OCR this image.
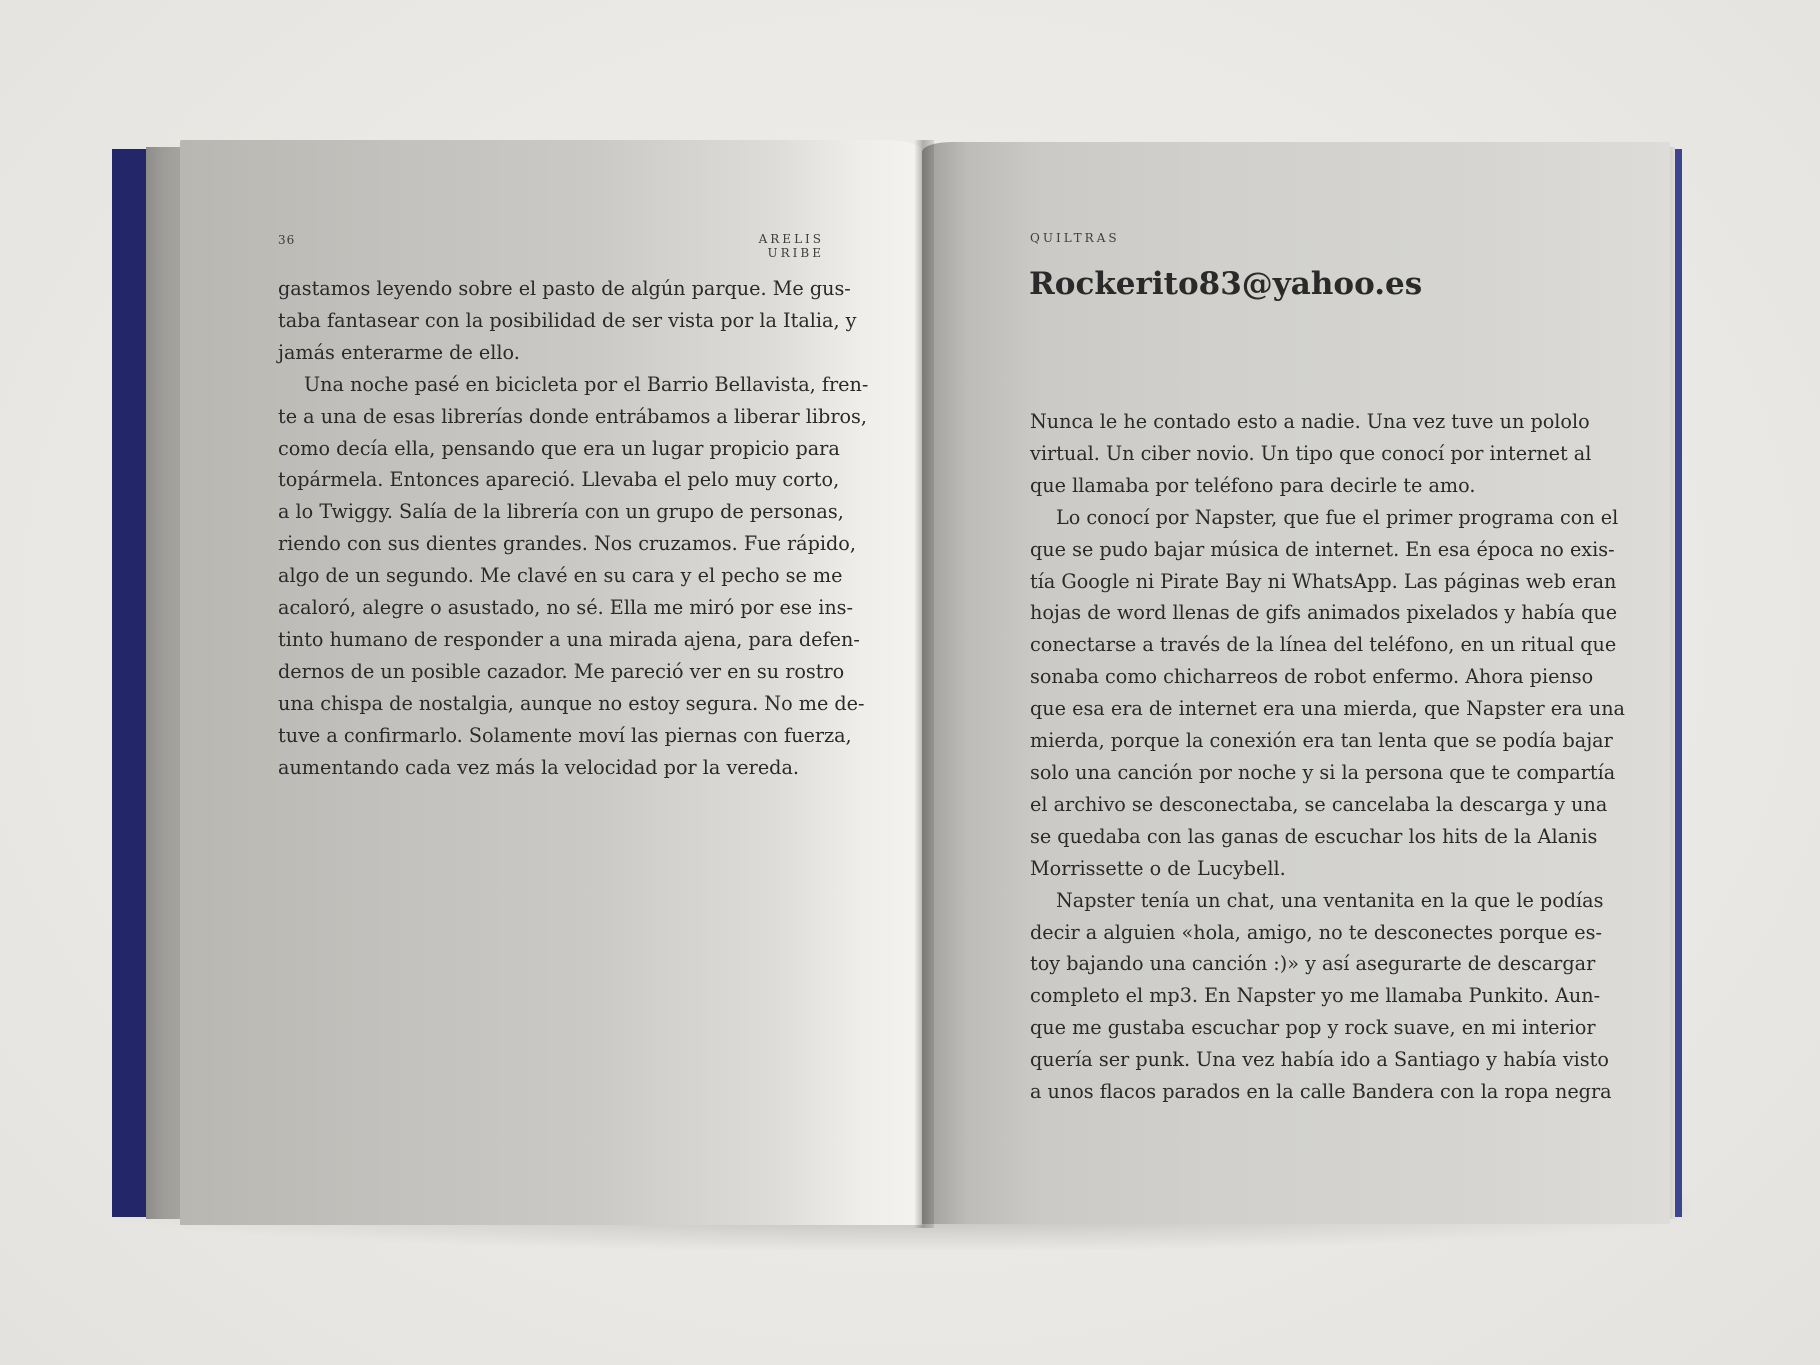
36	ARELIS URIBE
QUILTRAS
gastamos leyendo sobre el pasto de algún parque. Me gus-
taba fantasear con la posibilidad de ser vista por la Italia, y
jamás enterarme de ello.
Una noche pasé en bicicleta por el Barrio Bellavista, fren-
te a una de esas librerías donde entrábamos a liberar libros,
como decía ella, pensando que era un lugar propicio para
topármela. Entonces apareció. Llevaba el pelo muy corto,
a lo Twiggy. Salía de la librería con un grupo de personas,
riendo con sus dientes grandes. Nos cruzamos. Fue rápido,
algo de un segundo. Me clavé en su cara y el pecho se me
acaloró, alegre o asustado, no sé. Ella me miró por ese ins-
tinto humano de responder a una mirada ajena, para defen-
dernos de un posible cazador. Me pareció ver en su rostro
una chispa de nostalgia, aunque no estoy segura. No me de-
tuve a confirmarlo. Solamente moví las piernas con fuerza,
aumentando cada vez más la velocidad por la vereda.
Rockerito83@yahoo.es
Nunca le he contado esto a nadie. Una vez tuve un pololo
virtual. Un ciber novio. Un tipo que conocí por internet al
que llamaba por teléfono para decirle te amo.
Lo conocí por Napster, que fue el primer programa con el
que se pudo bajar música de internet. En esa época no exis-
tía Google ni Pirate Bay ni WhatsApp. Las páginas web eran
hojas de word llenas de gifs animados pixelados y había que
conectarse a través de la línea del teléfono, en un ritual que
sonaba como chicharreos de robot enfermo. Ahora pienso
que esa era de internet era una mierda, que Napster era una
mierda, porque la conexión era tan lenta que se podía bajar
solo una canción por noche y si la persona que te compartía
el archivo se desconectaba, se cancelaba la descarga y una
se quedaba con las ganas de escuchar los hits de la Alanis
Morrissette o de Lucybell.
Napster tenía un chat, una ventanita en la que le podías
decir a alguien «hola, amigo, no te desconectes porque es-
toy bajando una canción :)» y así asegurarte de descargar
completo el mp3. En Napster yo me llamaba Punkito. Aun-
que me gustaba escuchar pop y rock suave, en mi interior
quería ser punk. Una vez había ido a Santiago y había visto
a unos flacos parados en la calle Bandera con la ropa negra
